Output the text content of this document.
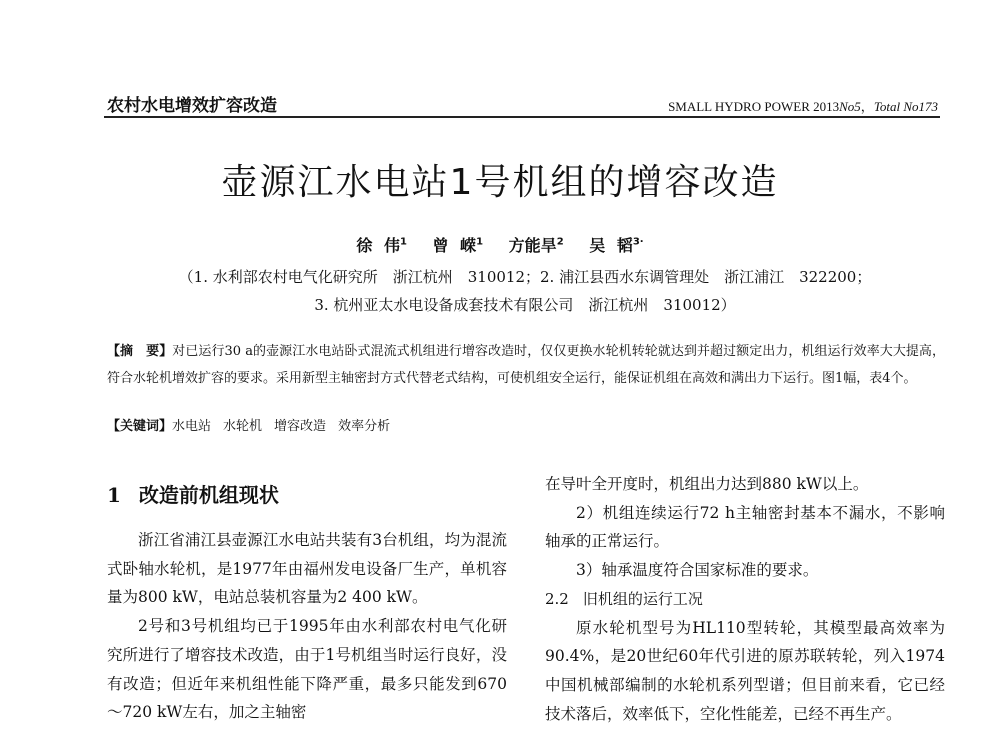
农村水电增效扩容改造	SMALL HYDRO POWER 2013No5，Total No173
壶源江水电站1号机组的增容改造
徐 伟$^1$ 曾 嵘$^1$ 方能旱$^2$ 吴 韬$^{3\cdot}$
（1. 水利部农村电气化研究所　浙江杭州　310012；2. 浦江县西水东调管理处　浙江浦江　322200；
3. 杭州亚太水电设备成套技术有限公司　浙江杭州　310012）
【摘　要】对已运行30 a的壶源江水电站卧式混流式机组进行增容改造时，仅仅更换水轮机转轮就达到并超过额定出力，机组运行效率大大提高，符合水轮机增效扩容的要求。采用新型主轴密封方式代替老式结构，可使机组安全运行，能保证机组在高效和满出力下运行。图1幅，表4个。
【关键词】水电站 水轮机 增容改造 效率分析
1 改造前机组现状

浙江省浦江县壶源江水电站共装有3台机组，均为混流式卧轴水轮机，是1977年由福州发电设备厂生产，单机容量为800 kW，电站总装机容量为2 400 kW。

2号和3号机组均已于1995年由水利部农村电气化研究所进行了增容技术改造，由于1号机组当时运行良好，没有改造；但近年来机组性能下降严重，最多只能发到670～720 kW左右，加之主轴密

在导叶全开度时，机组出力达到880 kW以上。

2）机组连续运行72 h主轴密封基本不漏水，不影响轴承的正常运行。

3）轴承温度符合国家标准的要求。

2.2 旧机组的运行工况

原水轮机型号为HL110型转轮，其模型最高效率为90.4%，是20世纪60年代引进的原苏联转轮，列入1974中国机械部编制的水轮机系列型谱；但目前来看，它已经技术落后，效率低下，空化性能差，已经不再生产。
